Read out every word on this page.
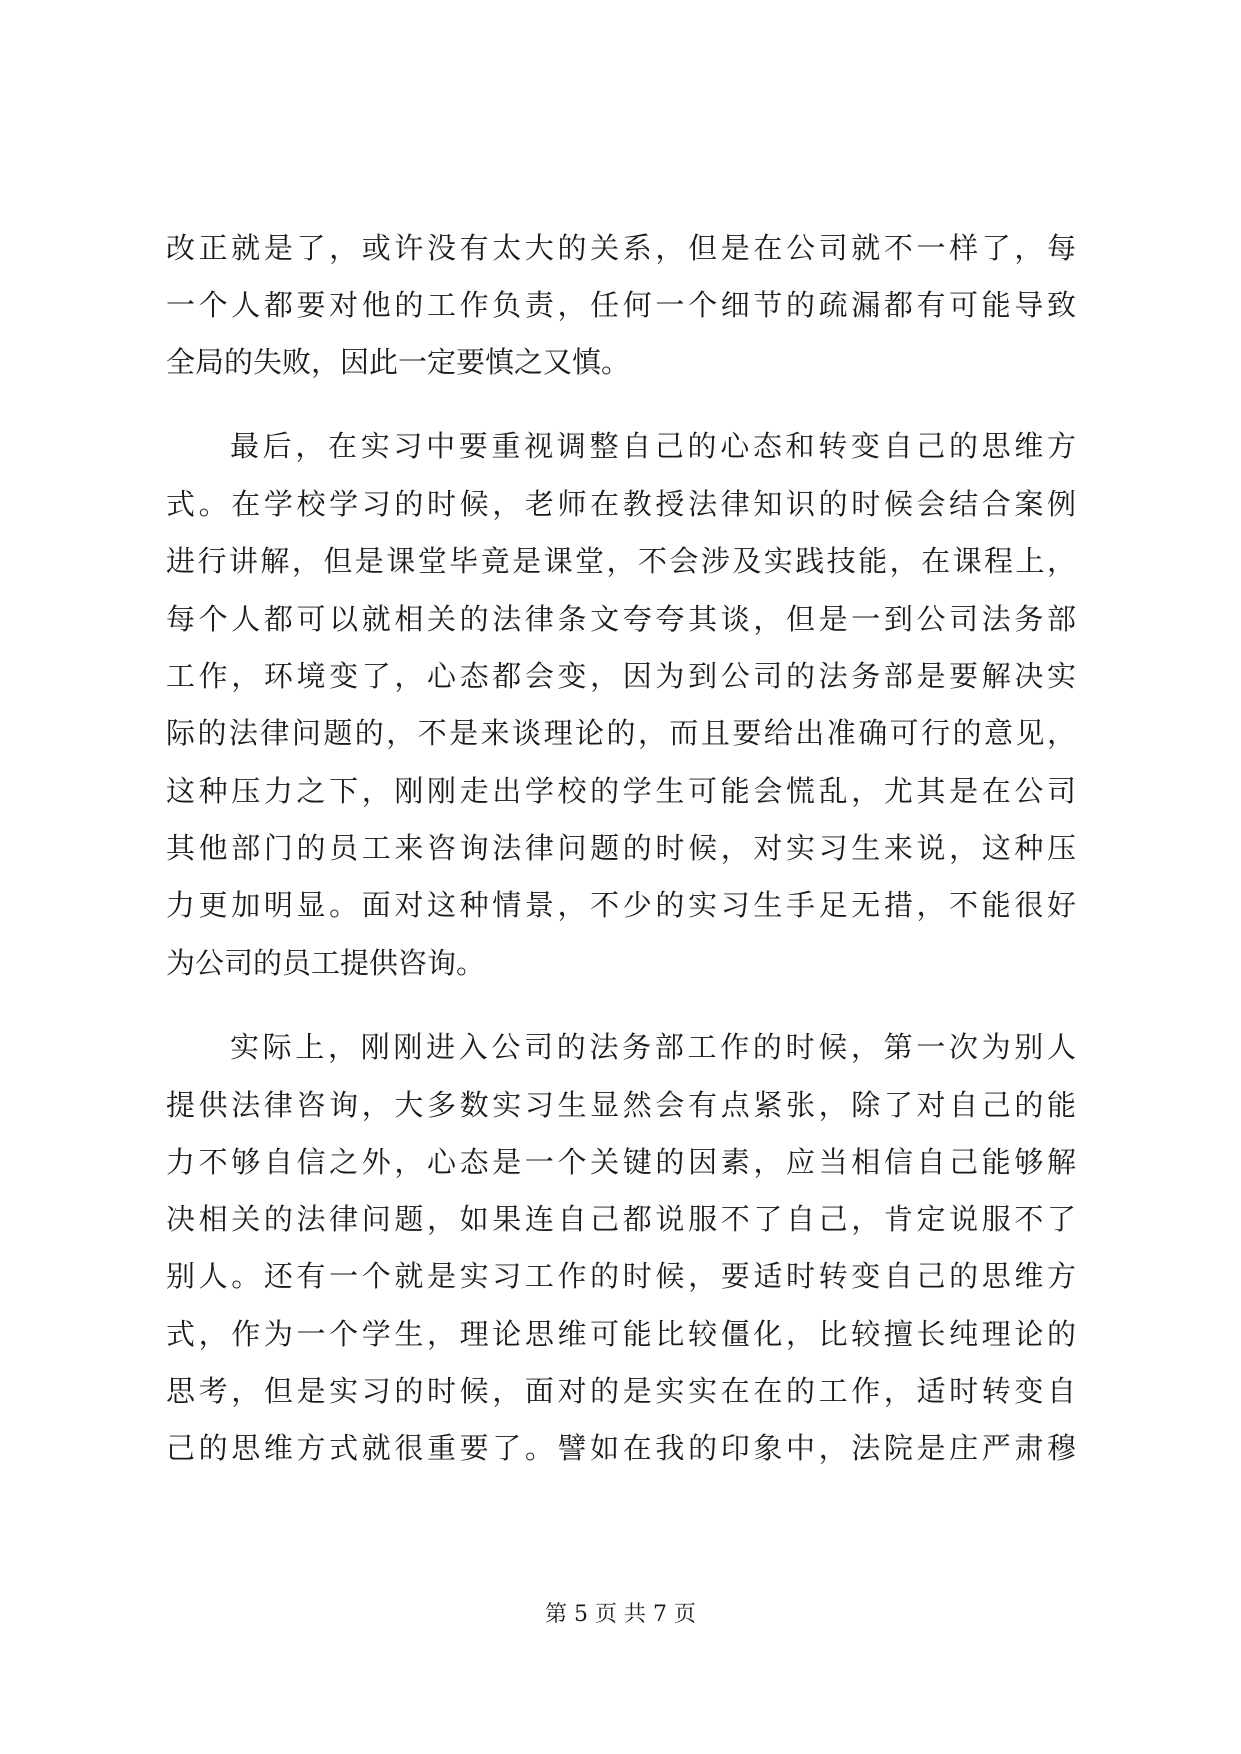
改正就是了，或许没有太大的关系，但是在公司就不一样了，每
一个人都要对他的工作负责，任何一个细节的疏漏都有可能导致
全局的失败，因此一定要慎之又慎。
最后，在实习中要重视调整自己的心态和转变自己的思维方
式。在学校学习的时候，老师在教授法律知识的时候会结合案例
进行讲解，但是课堂毕竟是课堂，不会涉及实践技能，在课程上，
每个人都可以就相关的法律条文夸夸其谈，但是一到公司法务部
工作，环境变了，心态都会变，因为到公司的法务部是要解决实
际的法律问题的，不是来谈理论的，而且要给出准确可行的意见，
这种压力之下，刚刚走出学校的学生可能会慌乱，尤其是在公司
其他部门的员工来咨询法律问题的时候，对实习生来说，这种压
力更加明显。面对这种情景，不少的实习生手足无措，不能很好
为公司的员工提供咨询。
实际上，刚刚进入公司的法务部工作的时候，第一次为别人
提供法律咨询，大多数实习生显然会有点紧张，除了对自己的能
力不够自信之外，心态是一个关键的因素，应当相信自己能够解
决相关的法律问题，如果连自己都说服不了自己，肯定说服不了
别人。还有一个就是实习工作的时候，要适时转变自己的思维方
式，作为一个学生，理论思维可能比较僵化，比较擅长纯理论的
思考，但是实习的时候，面对的是实实在在的工作，适时转变自
己的思维方式就很重要了。譬如在我的印象中，法院是庄严肃穆
第 5 页 共 7 页
